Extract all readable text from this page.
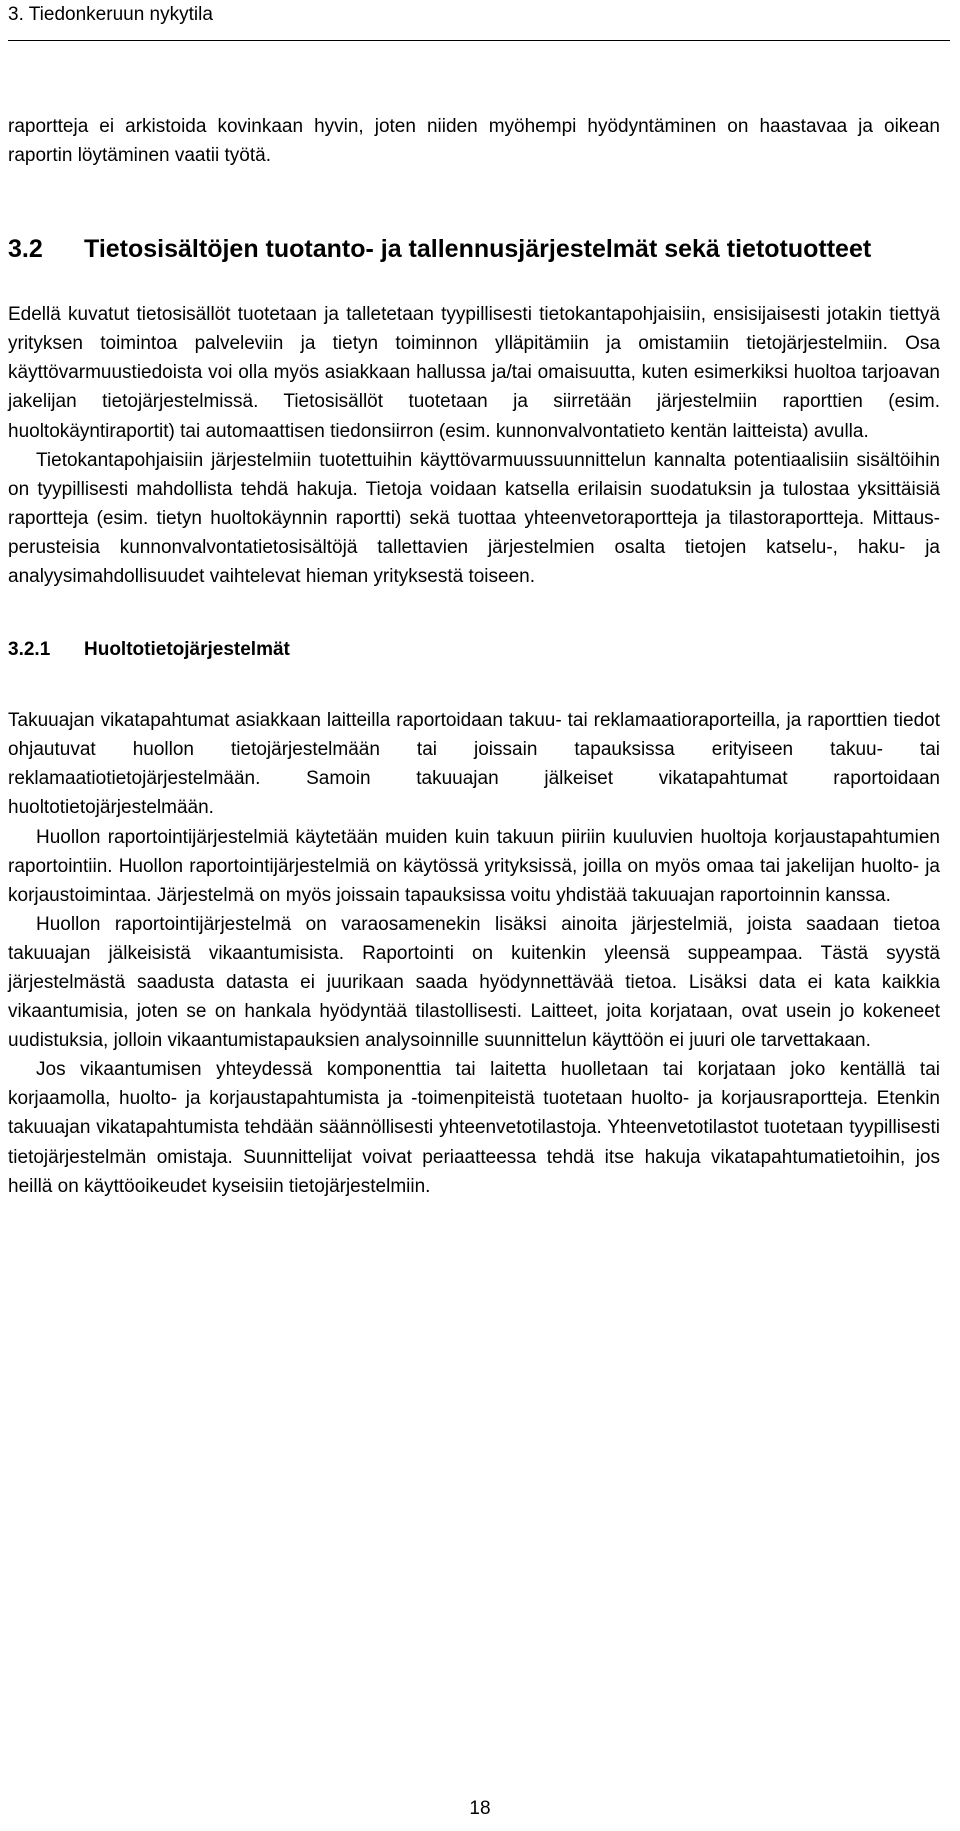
3. Tiedonkeruun nykytila

raportteja ei arkistoida kovinkaan hyvin, joten niiden myöhempi hyödyntäminen on haastavaa ja oikean raportin löytäminen vaatii työtä.

3.2	Tietosisältöjen tuotanto- ja tallennusjärjestelmät sekä tietotuotteet

Edellä kuvatut tietosisällöt tuotetaan ja talletetaan tyypillisesti tietokantapohjaisiin, ensisijaisesti jotakin tiettyä yrityksen toimintoa palveleviin ja tietyn toiminnon ylläpitämiin ja omistamiin tietojärjestelmiin. Osa käyttövarmuustiedoista voi olla myös asiakkaan hallussa ja/tai omaisuutta, kuten esimerkiksi huoltoa tarjoavan jakelijan tietojärjestelmissä. Tietosisällöt tuotetaan ja siirretään järjestelmiin raporttien (esim. huoltokäyntiraportit) tai automaattisen tiedonsiirron (esim. kunnonvalvontatieto kentän laitteista) avulla.

Tietokantapohjaisiin järjestelmiin tuotettuihin käyttövarmuussuunnittelun kannalta potentiaalisiin sisältöihin on tyypillisesti mahdollista tehdä hakuja. Tietoja voidaan katsella erilaisin suodatuksin ja tulostaa yksittäisiä raportteja (esim. tietyn huoltokäynnin raportti) sekä tuottaa yhteenvetoraportteja ja tilastoraportteja. Mittausperusteisia kunnonvalvontatietosisältöjä tallettavien järjestelmien osalta tietojen katselu-, haku- ja analyysimahdollisuudet vaihtelevat hieman yrityksestä toiseen.

3.2.1	Huoltotietojärjestelmät

Takuuajan vikatapahtumat asiakkaan laitteilla raportoidaan takuu- tai reklamaatioraporteilla, ja raporttien tiedot ohjautuvat huollon tietojärjestelmään tai joissain tapauksissa erityiseen takuu- tai reklamaatiotietojärjestelmään. Samoin takuuajan jälkeiset vikatapahtumat raportoidaan huoltotietojärjestelmään.

Huollon raportointijärjestelmiä käytetään muiden kuin takuun piiriin kuuluvien huoltoja korjaustapahtumien raportointiin. Huollon raportointijärjestelmiä on käytössä yrityksissä, joilla on myös omaa tai jakelijan huolto- ja korjaustoimintaa. Järjestelmä on myös joissain tapauksissa voitu yhdistää takuuajan raportoinnin kanssa.

Huollon raportointijärjestelmä on varaosamenekin lisäksi ainoita järjestelmiä, joista saadaan tietoa takuuajan jälkeisistä vikaantumisista. Raportointi on kuitenkin yleensä suppeampaa. Tästä syystä järjestelmästä saadusta datasta ei juurikaan saada hyödynnettävää tietoa. Lisäksi data ei kata kaikkia vikaantumisia, joten se on hankala hyödyntää tilastollisesti. Laitteet, joita korjataan, ovat usein jo kokeneet uudistuksia, jolloin vikaantumistapauksien analysoinnille suunnittelun käyttöön ei juuri ole tarvettakaan.

Jos vikaantumisen yhteydessä komponenttia tai laitetta huolletaan tai korjataan joko kentällä tai korjaamolla, huolto- ja korjaustapahtumista ja -toimenpiteistä tuotetaan huolto- ja korjausraportteja. Etenkin takuuajan vikatapahtumista tehdään säännöllisesti yhteenvetotilastoja. Yhteenvetotilastot tuotetaan tyypillisesti tietojärjestelmän omistaja. Suunnittelijat voivat periaatteessa tehdä itse hakuja vikatapahtumatietoihin, jos heillä on käyttöoikeudet kyseisiin tietojärjestelmiin.

18
